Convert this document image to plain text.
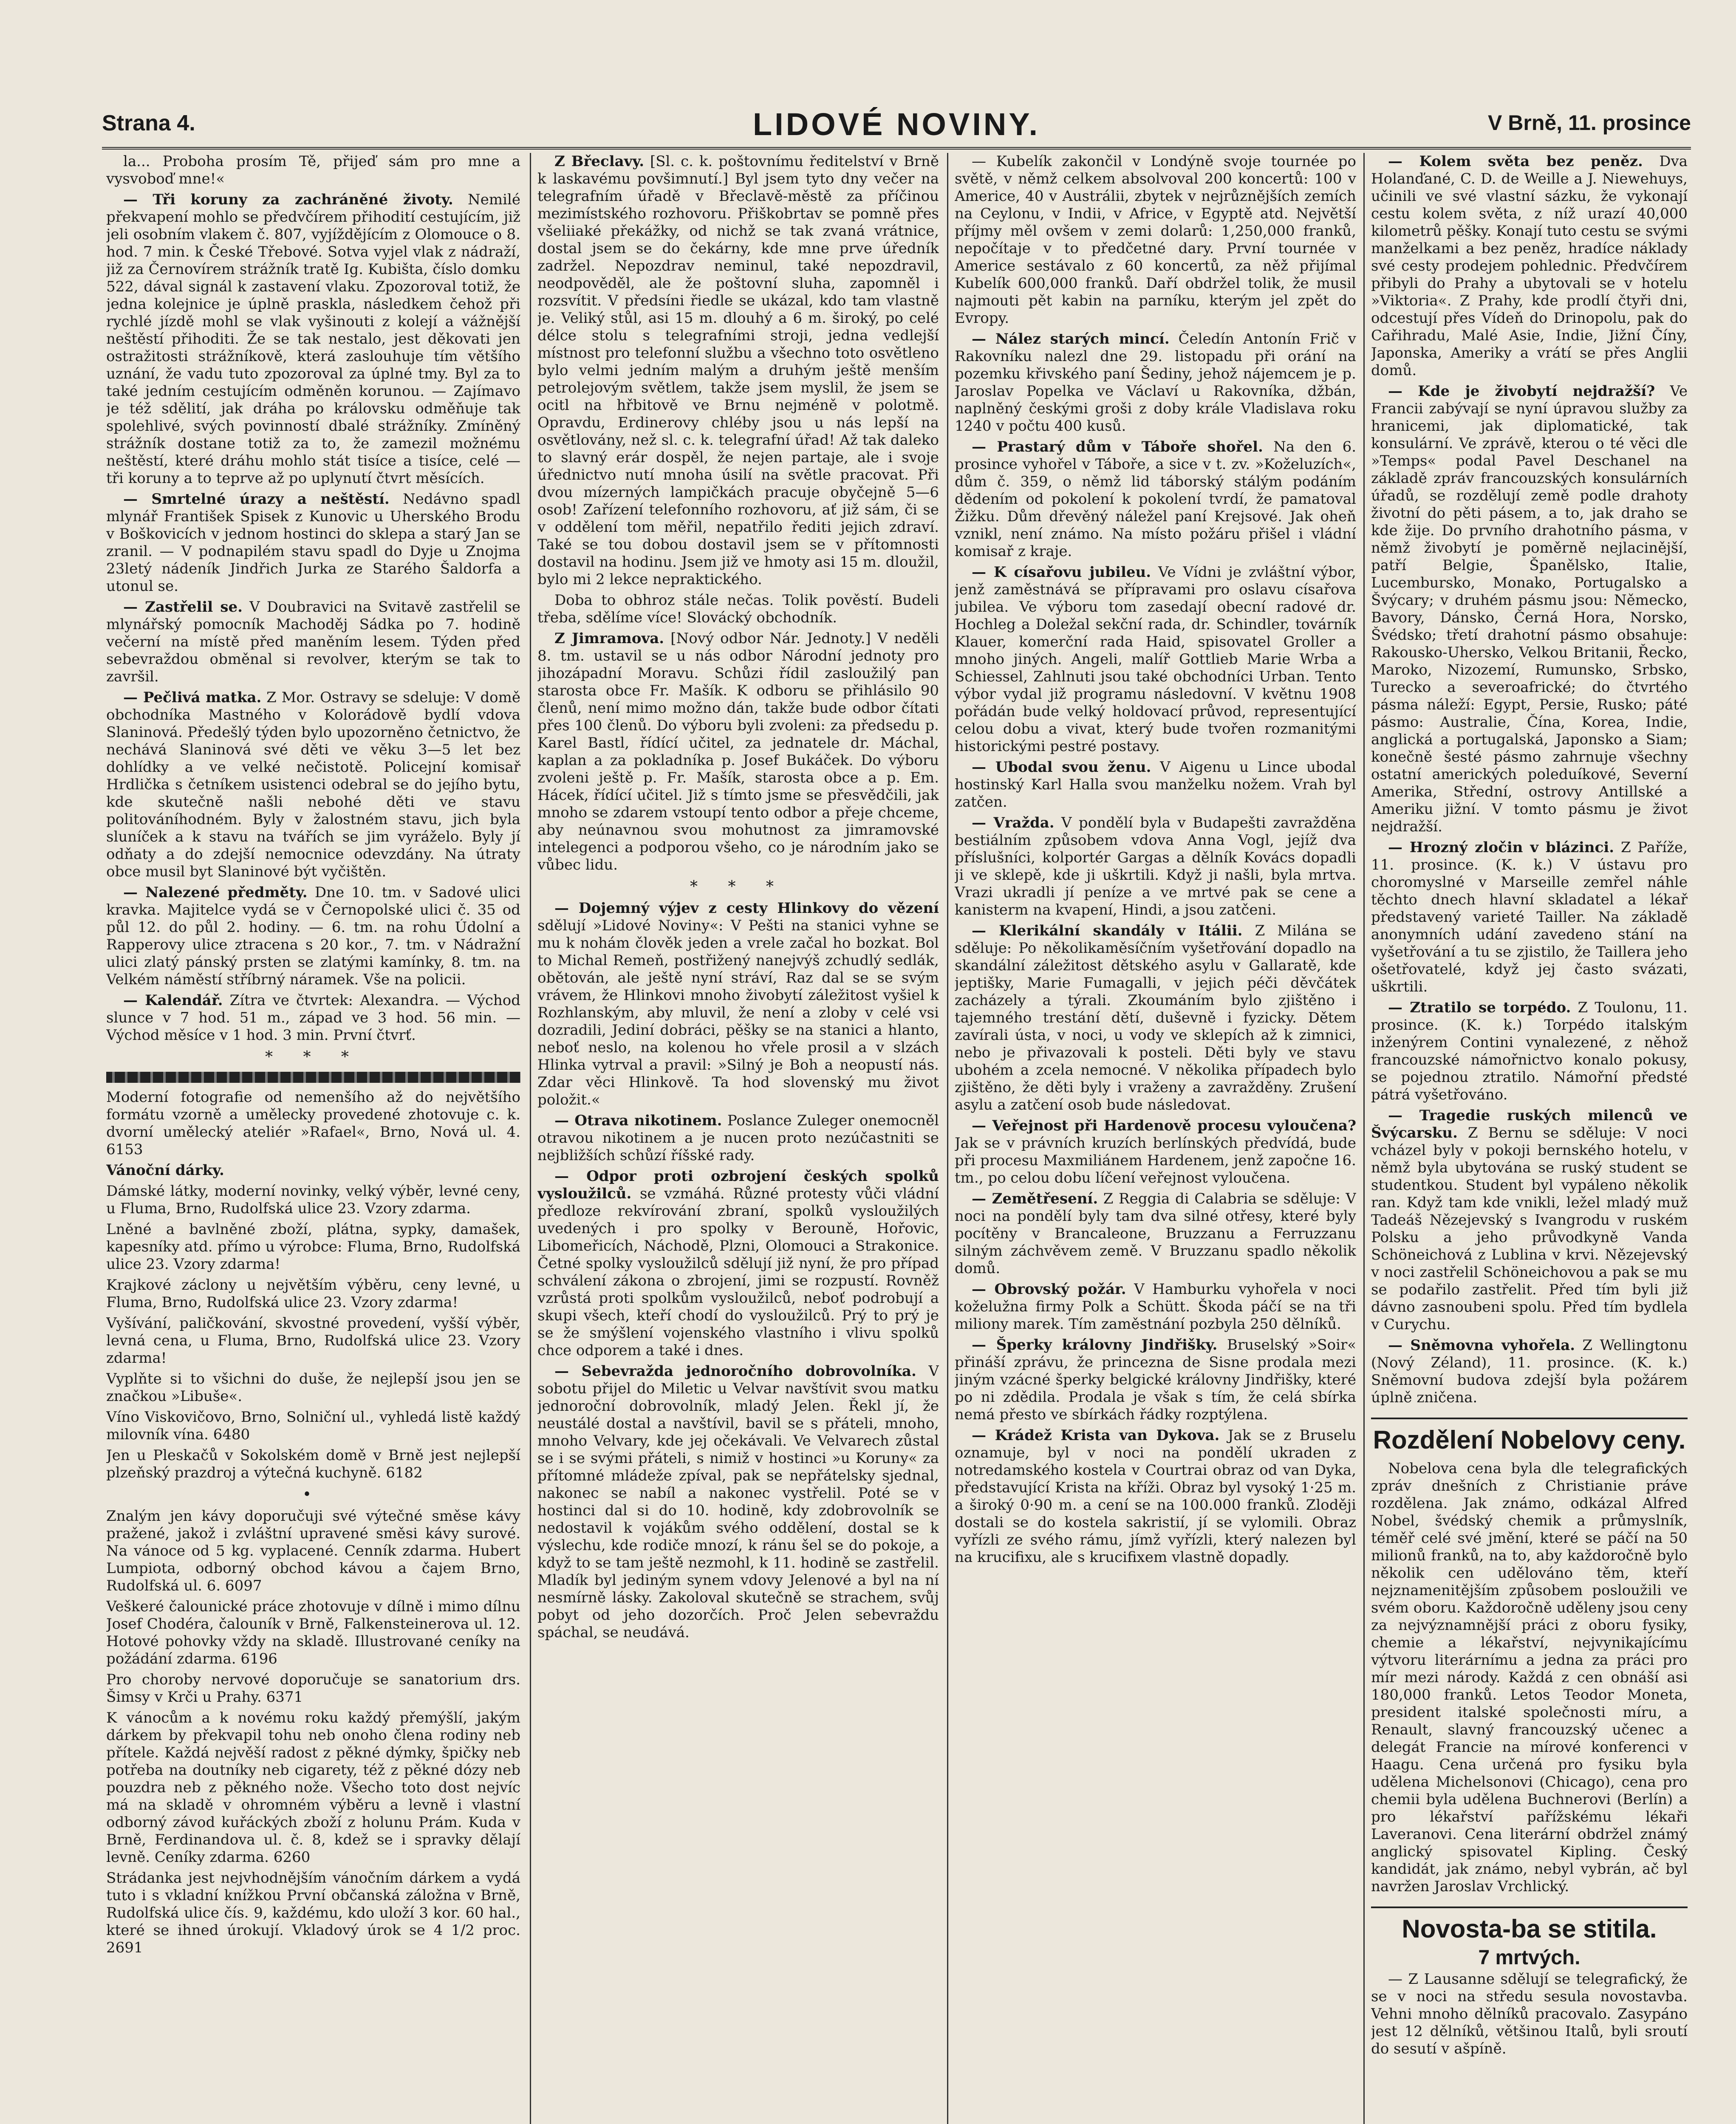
Strana 4.	LIDOVÉ NOVINY.	V Brně, 11. prosince

la... Proboha prosím Tě, přijeď sám pro mne a vysvoboď mne!«

— Tři koruny za zachráněné životy. Nemilé překvapení mohlo se předvčírem přihodití cestujícím, již jeli osobním vlakem č. 807, vyjíždějícím z Olomouce o 8. hod. 7 min. k České Třebové. Sotva vyjel vlak z nádraží, již za Černovírem strážník tratě Ig. Kubišta, číslo domku 522, dával signál k zastavení vlaku. Zpozoroval totiž, že jedna kolejnice je úplně praskla, následkem čehož při rychlé jízdě mohl se vlak vyšinouti z kolejí a vážnější neštěstí přihoditi. Že se tak nestalo, jest děkovati jen ostražitosti strážníkově, která zaslouhuje tím většího uznání, že vadu tuto zpozoroval za úplné tmy. Byl za to také jedním cestujícím odměněn korunou. — Zajímavo je též sdělití, jak dráha po královsku odměňuje tak spolehlivé, svých povinností dbalé strážníky. Zmíněný strážník dostane totiž za to, že zamezil možnému neštěstí, které dráhu mohlo stát tisíce a tisíce, celé — tři koruny a to teprve až po uplynutí čtvrt měsících.

— Smrtelné úrazy a neštěstí. Nedávno spadl mlynář František Spisek z Kunovic u Uherského Brodu v Boškovicích v jednom hostinci do sklepa a starý Jan se zranil. — V podnapilém stavu spadl do Dyje u Znojma 23letý nádeník Jindřich Jurka ze Starého Šaldorfa a utonul se.

— Zastřelil se. V Doubravici na Svitavě zastřelil se mlynářský pomocník Machoděj Sádka po 7. hodině večerní na místě před maněním lesem. Týden před sebevraždou obměnal si revolver, kterým se tak to završil.

— Pečlivá matka. Z Mor. Ostravy se sdeluje: V domě obchodníka Mastného v Kolorádově bydlí vdova Slaninová. Předešlý týden bylo upozorněno četnictvo, že nechává Slaninová své děti ve věku 3—5 let bez dohlídky a ve velké nečistotě. Policejní komisař Hrdlička s četníkem usistenci odebral se do jejího bytu, kde skutečně našli nebohé děti ve stavu politováníhodném. Byly v žalostném stavu, jich byla sluníček a k stavu na tvářích se jim vyráželo. Byly jí odňaty a do zdejší nemocnice odevzdány. Na útraty obce musil byt Slaninové být vyčištěn.

— Nalezené předměty. Dne 10. tm. v Sadové ulici kravka. Majitelce vydá se v Černopolské ulici č. 35 od půl 12. do půl 2. hodiny. — 6. tm. na rohu Údolní a Rapperovy ulice ztracena s 20 kor., 7. tm. v Nádražní ulici zlatý pánský prsten se zlatými kamínky, 8. tm. na Velkém náměstí stříbrný náramek. Vše na policii.

— Kalendář. Zítra ve čtvrtek: Alexandra. — Východ slunce v 7 hod. 51 m., západ ve 3 hod. 56 min. — Východ měsíce v 1 hod. 3 min. První čtvrť.

* * *

Moderní fotografie od nemenšího až do největšího formátu vzorně a umělecky provedené zhotovuje c. k. dvorní umělecký ateliér »Rafael«, Brno, Nová ul. 4. 6153

Vánoční dárky.

Dámské látky, moderní novinky, velký výběr, levné ceny, u Fluma, Brno, Rudolfská ulice 23. Vzory zdarma.

Lněné a bavlněné zboží, plátna, sypky, damašek, kapesníky atd. přímo u výrobce: Fluma, Brno, Rudolfská ulice 23. Vzory zdarma!

Krajkové záclony u největším výběru, ceny levné, u Fluma, Brno, Rudolfská ulice 23. Vzory zdarma!

Vyšívání, paličkování, skvostné provedení, vyšší výběr, levná cena, u Fluma, Brno, Rudolfská ulice 23. Vzory zdarma!

Vyplňte si to všichni do duše, že nejlepší jsou jen se značkou »Libuše«.

Víno Viskovičovo, Brno, Solniční ul., vyhledá listě každý milovník vína. 6480

Jen u Pleskačů v Sokolském domě v Brně jest nejlepší plzeňský prazdroj a výtečná kuchyně. 6182

•

Znalým jen kávy doporučuji své výtečné směse kávy pražené, jakož i zvláštní upravené směsi kávy surové. Na vánoce od 5 kg. vyplacené. Cenník zdarma. Hubert Lumpiota, odborný obchod kávou a čajem Brno, Rudolfská ul. 6. 6097

Veškeré čalounické práce zhotovuje v dílně i mimo dílnu Josef Chodéra, čalouník v Brně, Falkensteinerova ul. 12. Hotové pohovky vždy na skladě. Illustrované ceníky na požádání zdarma. 6196

Pro choroby nervové doporučuje se sanatorium drs. Šimsy v Krči u Prahy. 6371

K vánocům a k novému roku každý přemýšlí, jakým dárkem by překvapil tohu neb onoho člena rodiny neb přítele. Každá nejvěší radost z pěkné dýmky, špičky neb potřeba na doutníky neb cigarety, též z pěkné dózy neb pouzdra neb z pěkného nože. Všecho toto dost nejvíc má na skladě v ohromném výběru a levně i vlastní odborný závod kuřáckých zboží z holunu Prám. Kuda v Brně, Ferdinandova ul. č. 8, kdež se i spravky dělají levně. Ceníky zdarma. 6260

Strádanka jest nejvhodnějším vánočním dárkem a vydá tuto i s vkladní knížkou První občanská záložna v Brně, Rudolfská ulice čís. 9, každému, kdo uloží 3 kor. 60 hal., které se ihned úrokují. Vkladový úrok se 4 1/2 proc. 2691

Z Břeclavy. [Sl. c. k. poštovnímu ředitelství v Brně k laskavému povšimnutí.] Byl jsem tyto dny večer na telegrafním úřadě v Břeclavě-městě za příčinou mezimístského rozhovoru. Přiškobrtav se pomně přes všeliiaké překážky, od nichž se tak zvaná vrátnice, dostal jsem se do čekárny, kde mne prve úředník zadržel. Nepozdrav neminul, také nepozdravil, neodpověděl, ale že poštovní sluha, zapomněl i rozsvítit. V předsíni řiedle se ukázal, kdo tam vlastně je. Veliký stůl, asi 15 m. dlouhý a 6 m. široký, po celé délce stolu s telegrafními stroji, jedna vedlejší místnost pro telefonní službu a všechno toto osvětleno bylo velmi jedním malým a druhým ještě menším petrolejovým světlem, takže jsem myslil, že jsem se ocitl na hřbitově ve Brnu nejméně v polotmě. Opravdu, Erdinerovy chléby jsou u nás lepší na osvětlovány, než sl. c. k. telegrafní úřad! Až tak daleko to slavný erár dospěl, že nejen partaje, ale i svoje úřednictvo nutí mnoha úsilí na světle pracovat. Při dvou mízerných lampičkách pracuje obyčejně 5—6 osob! Zařízení telefonního rozhovoru, ať již sám, či se v oddělení tom měřil, nepatřilo řediti jejich zdraví. Také se tou dobou dostavil jsem se v přítomnosti dostavil na hodinu. Jsem již ve hmoty asi 15 m. dloužil, bylo mi 2 lekce nepraktického.

Doba to obhroz stále nečas. Tolik pověstí. Budeli třeba, sdělíme více! Slovácký obchodník.

Z Jimramova. [Nový odbor Nár. Jednoty.] V neděli 8. tm. ustavil se u nás odbor Národní jednoty pro jihozápadní Moravu. Schůzi řídil zasloužilý pan starosta obce Fr. Mašík. K odboru se přihlásilo 90 členů, není mimo možno dán, takže bude odbor čítati přes 100 členů. Do výboru byli zvoleni: za předsedu p. Karel Bastl, řídící učitel, za jednatele dr. Máchal, kaplan a za pokladníka p. Josef Bukáček. Do výboru zvoleni ještě p. Fr. Mašík, starosta obce a p. Em. Hácek, řídící učitel. Již s tímto jsme se přesvědčili, jak mnoho se zdarem vstoupí tento odbor a přeje chceme, aby neúnavnou svou mohutnost za jimramovské intelegenci a podporou všeho, co je národním jako se vůbec lidu.

* * *

— Dojemný výjev z cesty Hlinkovy do vězení sdělují »Lidové Noviny«: V Pešti na stanici vyhne se mu k nohám člověk jeden a vrele začal ho bozkat. Bol to Michal Remeň, postřižený nanejvýš zchudlý sedlák, obětován, ale ještě nyní stráví, Raz dal se se svým vrávem, že Hlinkovi mnoho živobytí záležitost vyšiel k Rozhlanským, aby mluvil, že není a zloby v celé vsi dozradili, Jediní dobráci, pěšky se na stanici a hlanto, neboť neslo, na kolenou ho vřele prosil a v slzách Hlinka vytrval a pravil: »Silný je Boh a neopustí nás. Zdar věci Hlinkově. Ta hod slovenský mu život položit.«

— Otrava nikotinem. Poslance Zuleger onemocněl otravou nikotinem a je nucen proto nezúčastniti se nejbližších schůzí říšské rady.

— Odpor proti ozbrojení českých spolků vysloužilců. se vzmáhá. Různé protesty vůči vládní předloze rekvírování zbraní, spolků vysloužilých uvedených i pro spolky v Berouně, Hořovic, Libomeřicích, Náchodě, Plzni, Olomouci a Strakonice. Četné spolky vysloužilců sdělují již nyní, že pro případ schválení zákona o zbrojení, jimi se rozpustí. Rovněž vzrůstá proti spolkům vysloužilců, neboť podrobují a skupi všech, kteří chodí do vysloužilců. Prý to prý je se že smýšlení vojenského vlastního i vlivu spolků chce odporem a také i dnes.

— Sebevražda jednoročního dobrovolníka. V sobotu přijel do Miletic u Velvar navštívit svou matku jednoroční dobrovolník, mladý Jelen. Řekl jí, že neustálé dostal a navštívil, bavil se s přáteli, mnoho, mnoho Velvary, kde jej očekávali. Ve Velvarech zůstal se i se svými přáteli, s nimiž v hostinci »u Koruny« za přítomné mládeže zpíval, pak se nepřátelsky sjednal, nakonec se nabíl a nakonec vystřelil. Poté se v hostinci dal si do 10. hodině, kdy zdobrovolník se nedostavil k vojákům svého oddělení, dostal se k výslechu, kde rodiče mnozí, k ránu šel se do pokoje, a když to se tam ještě nezmohl, k 11. hodině se zastřelil. Mladík byl jediným synem vdovy Jelenové a byl na ní nesmírně lásky. Zakoloval skutečně se strachem, svůj pobyt od jeho dozorčích. Proč Jelen sebevraždu spáchal, se neudává.

— Kubelík zakončil v Londýně svoje tournée po světě, v němž celkem absolvoval 200 koncertů: 100 v Americe, 40 v Austrálii, zbytek v nejrůznějších zemích na Ceylonu, v Indii, v Africe, v Egyptě atd. Největší příjmy měl ovšem v zemi dolarů: 1,250,000 franků, nepočítaje v to předčetné dary. První tournée v Americe sestávalo z 60 koncertů, za něž přijímal Kubelík 600,000 franků. Daří obdržel tolik, že musil najmouti pět kabin na parníku, kterým jel zpět do Evropy.

— Nález starých mincí. Čeledín Antonín Frič v Rakovníku nalezl dne 29. listopadu při orání na pozemku křivského paní Šediny, jehož nájemcem je p. Jaroslav Popelka ve Václaví u Rakovníka, džbán, naplněný českými groši z doby krále Vladislava roku 1240 v počtu 400 kusů.

— Prastarý dům v Táboře shořel. Na den 6. prosince vyhořel v Táboře, a sice v t. zv. »Koželuzích«, dům č. 359, o němž lid táborský stálým podáním dědením od pokolení k pokolení tvrdí, že pamatoval Žižku. Dům dřevěný náležel paní Krejsové. Jak oheň vznikl, není známo. Na místo požáru přišel i vládní komisař z kraje.

— K císařovu jubileu. Ve Vídni je zvláštní výbor, jenž zaměstnává se přípravami pro oslavu císařova jubilea. Ve výboru tom zasedají obecní radové dr. Hochleg a Doležal sekční rada, dr. Schindler, továrník Klauer, komerční rada Haid, spisovatel Groller a mnoho jiných. Angeli, malíř Gottlieb Marie Wrba a Schiessel, Zahlnuti jsou také obchodníci Urban. Tento výbor vydal již programu následovní. V květnu 1908 pořádán bude velký holdovací průvod, representující celou dobu a vivat, který bude tvořen rozmanitými historickými pestré postavy.

— Ubodal svou ženu. V Aigenu u Lince ubodal hostinský Karl Halla svou manželku nožem. Vrah byl zatčen.

— Vražda. V pondělí byla v Budapešti zavražděna bestiálním způsobem vdova Anna Vogl, jejíž dva příslušníci, kolportér Gargas a dělník Kovács dopadli ji ve sklepě, kde ji uškrtili. Když ji našli, byla mrtva. Vrazi ukradli jí peníze a ve mrtvé pak se cene a kanisterm na kvapení, Hindi, a jsou zatčeni.

— Klerikální skandály v Itálii. Z Milána se sděluje: Po několikaměsíčním vyšetřování dopadlo na skandální záležitost dětského asylu v Gallaratě, kde jeptišky, Marie Fumagalli, v jejich péči děvčátek zacházely a týrali. Zkoumáním bylo zjištěno i tajemného trestání dětí, duševně i fyzicky. Dětem zavírali ústa, v noci, u vody ve sklepích až k zimnici, nebo je přivazovali k posteli. Děti byly ve stavu ubohém a zcela nemocné. V několika případech bylo zjištěno, že děti byly i vraženy a zavražděny. Zrušení asylu a zatčení osob bude následovat.

— Veřejnost při Hardenově procesu vyloučena? Jak se v právních kruzích berlínských předvídá, bude při procesu Maxmiliánem Hardenem, jenž započne 16. tm., po celou dobu líčení veřejnost vyloučena.

— Zemětřesení. Z Reggia di Calabria se sděluje: V noci na pondělí byly tam dva silné otřesy, které byly pocítěny v Brancaleone, Bruzzanu a Ferruzzanu silným záchvěvem země. V Bruzzanu spadlo několik domů.

— Obrovský požár. V Hamburku vyhořela v noci koželužna firmy Polk a Schütt. Škoda páčí se na tři miliony marek. Tím zaměstnání pozbyla 250 dělníků.

— Šperky královny Jindřišky. Bruselský »Soir« přináší zprávu, že princezna de Sisne prodala mezi jiným vzácné šperky belgické královny Jindřišky, které po ni zdědila. Prodala je však s tím, že celá sbírka nemá přesto ve sbírkách řádky rozptýlena.

— Krádež Krista van Dykova. Jak se z Bruselu oznamuje, byl v noci na pondělí ukraden z notredamského kostela v Courtrai obraz od van Dyka, představující Krista na kříži. Obraz byl vysoký 1·25 m. a široký 0·90 m. a cení se na 100.000 franků. Zloději dostali se do kostela sakristií, jí se vylomili. Obraz vyřízli ze svého rámu, jímž vyřízli, který nalezen byl na krucifixu, ale s krucifixem vlastně dopadly.

— Kolem světa bez peněz. Dva Holanďané, C. D. de Weille a J. Niewehuys, učinili ve své vlastní sázku, že vykonají cestu kolem světa, z níž urazí 40,000 kilometrů pěšky. Konají tuto cestu se svými manželkami a bez peněz, hradíce náklady své cesty prodejem pohlednic. Předvčírem přibyli do Prahy a ubytovali se v hotelu »Viktoria«. Z Prahy, kde prodlí čtyři dni, odcestují přes Vídeň do Drinopolu, pak do Cařihradu, Malé Asie, Indie, Jižní Číny, Japonska, Ameriky a vrátí se přes Anglii domů.

— Kde je živobytí nejdražší? Ve Francii zabývají se nyní úpravou služby za hranicemi, jak diplomatické, tak konsulární. Ve zprávě, kterou o té věci dle »Temps« podal Pavel Deschanel na základě zpráv francouzských konsulárních úřadů, se rozdělují země podle drahoty životní do pěti pásem, a to, jak draho se kde žije. Do prvního drahotního pásma, v němž živobytí je poměrně nejlacinější, patří Belgie, Španělsko, Italie, Lucembursko, Monako, Portugalsko a Švýcary; v druhém pásmu jsou: Německo, Bavory, Dánsko, Černá Hora, Norsko, Švédsko; třetí drahotní pásmo obsahuje: Rakousko-Uhersko, Velkou Britanii, Řecko, Maroko, Nizozemí, Rumunsko, Srbsko, Turecko a severoafrické; do čtvrtého pásma náleží: Egypt, Persie, Rusko; páté pásmo: Australie, Čína, Korea, Indie, anglická a portugalská, Japonsko a Siam; konečně šesté pásmo zahrnuje všechny ostatní amerických poleduíkové, Severní Amerika, Střední, ostrovy Antillské a Ameriku jižní. V tomto pásmu je život nejdražší.

— Hrozný zločin v blázinci. Z Paříže, 11. prosince. (K. k.) V ústavu pro choromyslné v Marseille zemřel náhle těchto dnech hlavní skladatel a lékař představený varieté Tailler. Na základě anonymních udání zavedeno stání na vyšetřování a tu se zjistilo, že Taillera jeho ošetřovatelé, když jej často svázati, uškrtili.

— Ztratilo se torpédo. Z Toulonu, 11. prosince. (K. k.) Torpédo italským inženýrem Contini vynalezené, z něhož francouzské námořnictvo konalo pokusy, se pojednou ztratilo. Námořní předsté pátrá vyšetřováno.

— Tragedie ruských milenců ve Švýcarsku. Z Bernu se sděluje: V noci vcházel byly v pokoji bernského hotelu, v němž byla ubytována se ruský student se studentkou. Student byl vypáleno několik ran. Když tam kde vnikli, ležel mladý muž Tadeáš Nězejevský s Ivangrodu v ruském Polsku a jeho průvodkyně Vanda Schöneichová z Lublina v krvi. Nězejevský v noci zastřelil Schöneichovou a pak se mu se podařilo zastřelit. Před tím byli již dávno zasnoubeni spolu. Před tím bydlela v Curychu.

— Sněmovna vyhořela. Z Wellingtonu (Nový Zéland), 11. prosince. (K. k.) Sněmovní budova zdejší byla požárem úplně zničena.

Rozdělení Nobelovy ceny.

Nobelova cena byla dle telegrafických zpráv dnešních z Christianie práve rozdělena. Jak známo, odkázal Alfred Nobel, švédský chemik a průmyslník, téměř celé své jmění, které se páčí na 50 milionů franků, na to, aby každoročně bylo několik cen udělováno těm, kteří nejznamenitějším způsobem posloužili ve svém oboru. Každoročně uděleny jsou ceny za nejvýznamnější práci z oboru fysiky, chemie a lékařství, nejvynikajícímu výtvoru literárnímu a jedna za práci pro mír mezi národy. Každá z cen obnáší asi 180,000 franků. Letos Teodor Moneta, president italské společnosti míru, a Renault, slavný francouzský učenec a delegát Francie na mírové konferenci v Haagu. Cena určená pro fysiku byla udělena Michelsonovi (Chicago), cena pro chemii byla udělena Buchnerovi (Berlín) a pro lékařství pařížskému lékaři Laveranovi. Cena literární obdržel známý anglický spisovatel Kipling. Český kandidát, jak známo, nebyl vybrán, ač byl navržen Jaroslav Vrchlický.

Novosta-ba se stitila.
7 mrtvých.

— Z Lausanne sdělují se telegrafický, že se v noci na středu sesula novostavba. Vehni mnoho dělníků pracovalo. Zasypáno jest 12 dělníků, většinou Italů, byli sroutí do sesutí v ašpíně.
